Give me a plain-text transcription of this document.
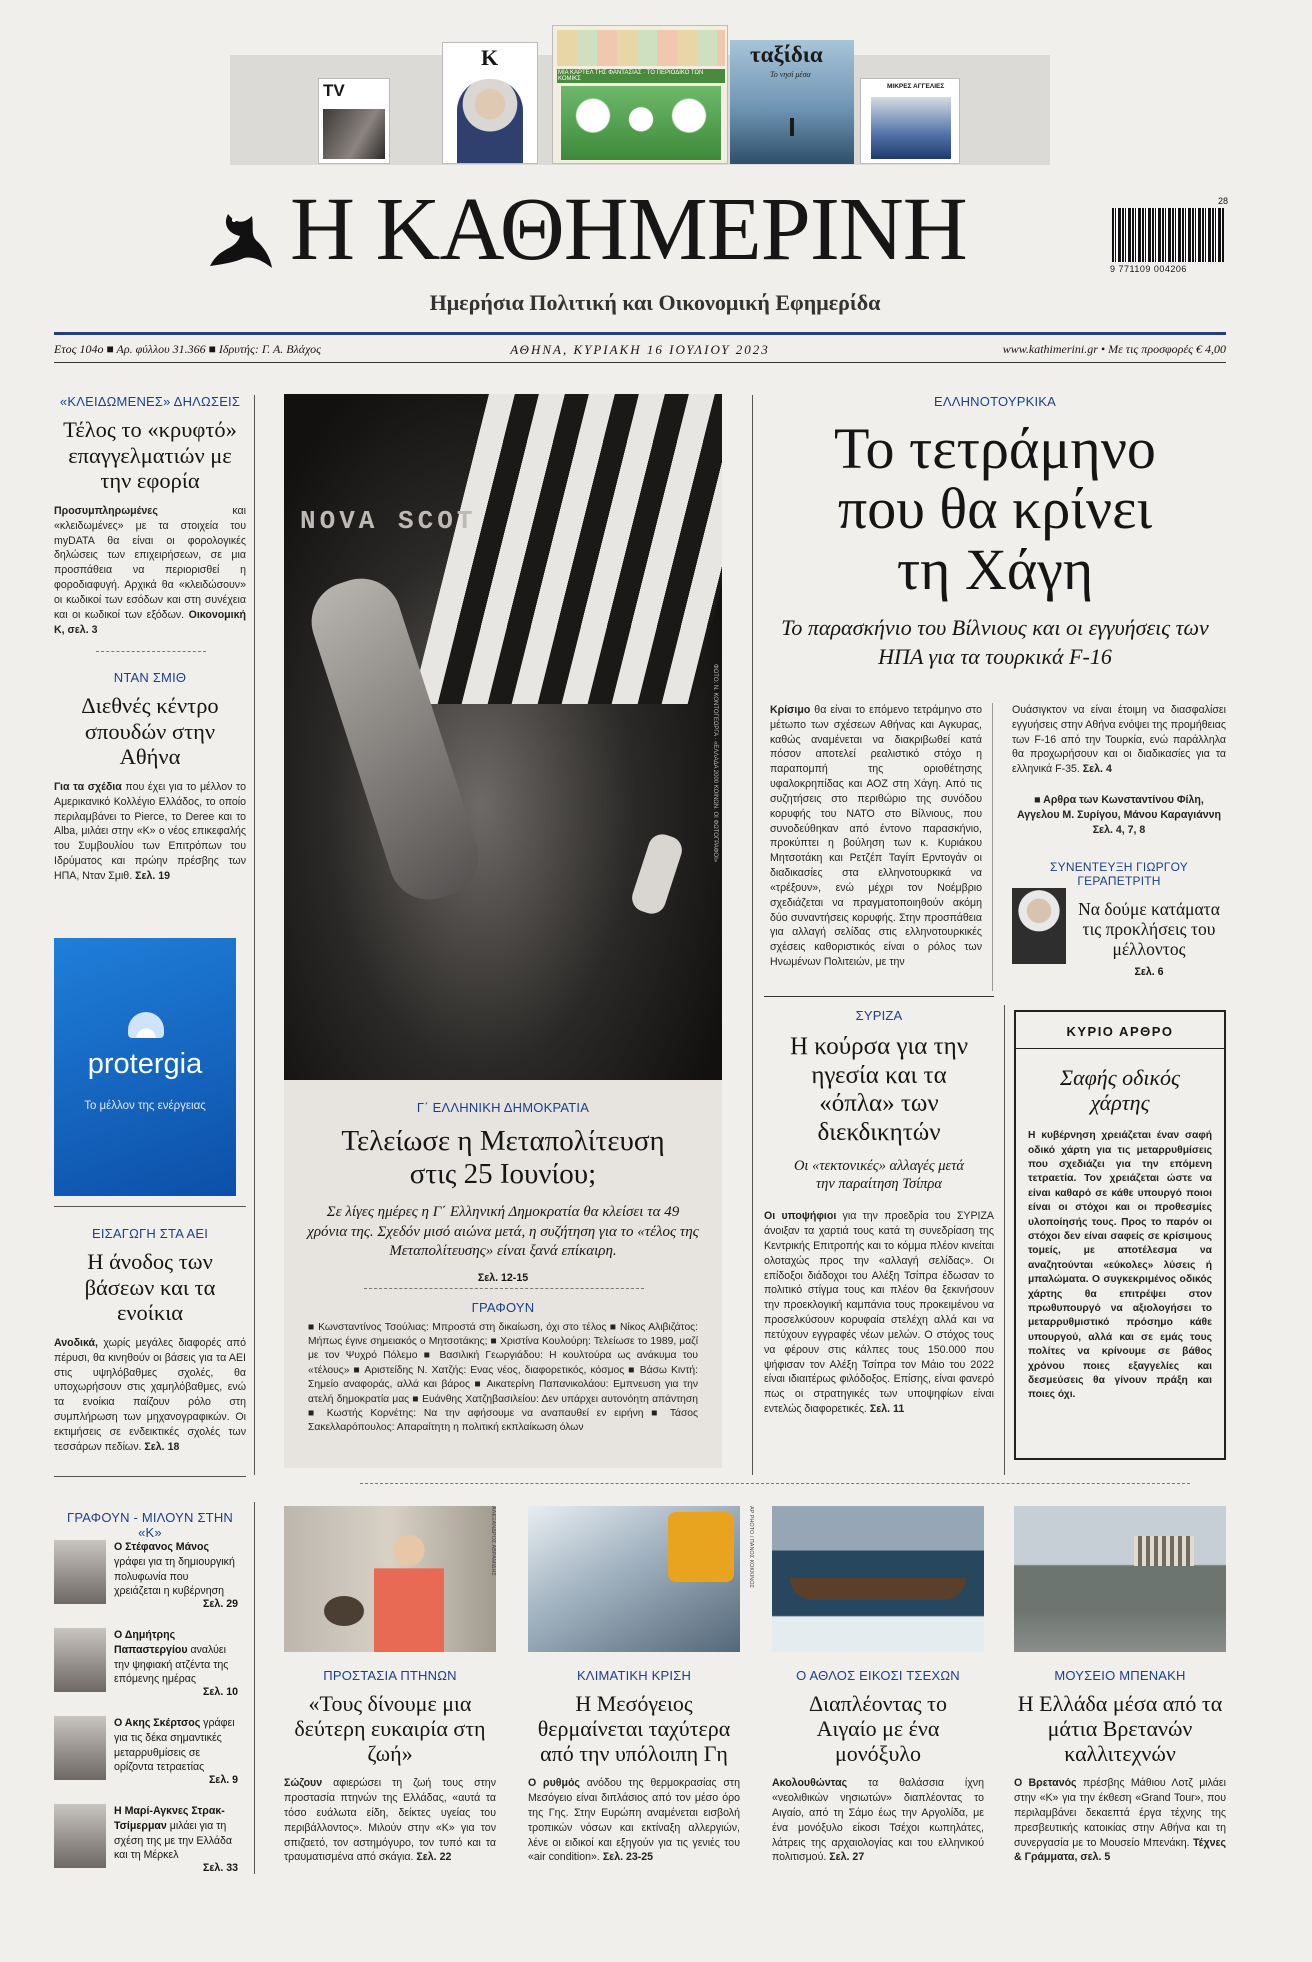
TV
K
ΜΙΑ ΚΑΡΤΕΛ ΤΗΣ ΦΑΝΤΑΣΙΑΣ · ΤΟ ΠΕΡΙΟΔΙΚΟ ΤΩΝ ΚΟΜΙΚΣ
ταξίδια
Το νησί μέσα
ΜΙΚΡΕΣ ΑΓΓΕΛΙΕΣ
Η ΚΑΘΗΜΕΡΙΝΗ
Ημερήσια Πολιτική και Οικονομική Εφημερίδα
28
9 771109 004206
Ετος 104ο ■ Αρ. φύλλου 31.366 ■ Ιδρυτής: Γ. Α. Βλάχος	ΑΘΗΝΑ, ΚΥΡΙΑΚΗ 16 ΙΟΥΛΙΟΥ 2023	www.kathimerini.gr • Με τις προσφορές € 4,00
«ΚΛΕΙΔΩΜΕΝΕΣ» ΔΗΛΩΣΕΙΣ
Τέλος το «κρυφτό» επαγγελματιών με την εφορία
Προσυμπληρωμένες και «κλειδωμένες» με τα στοιχεία του myDATA θα είναι οι φορολογικές δηλώσεις των επιχειρήσεων, σε μια προσπάθεια να περιορισθεί η φοροδιαφυγή. Αρχικά θα «κλειδώσουν» οι κωδικοί των εσόδων και στη συνέχεια και οι κωδικοί των εξόδων. Οικονομική Κ, σελ. 3
ΝΤΑΝ ΣΜΙΘ
Διεθνές κέντρο σπουδών στην Αθήνα
Για τα σχέδια που έχει για το μέλλον το Αμερικανικό Κολλέγιο Ελλάδος, το οποίο περιλαμβάνει το Pierce, το Deree και το Alba, μιλάει στην «Κ» ο νέος επικεφαλής του Συμβουλίου των Επιτρόπων του Ιδρύματος και πρώην πρέσβης των ΗΠΑ, Νταν Σμιθ. Σελ. 19
protergia
Το μέλλον της ενέργειας
ΕΙΣΑΓΩΓΗ ΣΤΑ ΑΕΙ
Η άνοδος των βάσεων και τα ενοίκια
Ανοδικά, χωρίς μεγάλες διαφορές από πέρυσι, θα κινηθούν οι βάσεις για τα ΑΕΙ στις υψηλόβαθμες σχολές, θα υποχωρήσουν στις χαμηλόβαθμες, ενώ τα ενοίκια παίζουν ρόλο στη συμπλήρωση των μηχανογραφικών. Οι εκτιμήσεις σε ενδεικτικές σχολές των τεσσάρων πεδίων. Σελ. 18
ΓΡΑΦΟΥΝ - ΜΙΛΟΥΝ ΣΤΗΝ «Κ»
Ο Στέφανος Μάνος γράφει για τη δημιουργική πολυφωνία που χρειάζεται η κυβέρνηση
Σελ. 29
Ο Δημήτρης Παπαστεργίου αναλύει την ψηφιακή ατζέντα της επόμενης ημέρας
Σελ. 10
Ο Ακης Σκέρτσος γράφει για τις δέκα σημαντικές μεταρρυθμίσεις σε ορίζοντα τετραετίας
Σελ. 9
Η Μαρί-Αγκνες Στρακ-Τσίμερμαν μιλάει για τη σχέση της με την Ελλάδα και τη Μέρκελ
Σελ. 33
NOVA SCOT
ΦΩΤΟ: Ν. ΚΟΝΤΟΓΕΩΡΓΑ · «ΕΛΛΑΔΑ 2000 ΚΟΙΝΩΝ. ΟΙ ΦΩΤΟΓΡΑΦΟΙ»
Γ΄ ΕΛΛΗΝΙΚΗ ΔΗΜΟΚΡΑΤΙΑ
Τελείωσε η Μεταπολίτευση στις 25 Ιουνίου;
Σε λίγες ημέρες η Γ΄ Ελληνική Δημοκρατία θα κλείσει τα 49 χρόνια της. Σχεδόν μισό αιώνα μετά, η συζήτηση για το «τέλος της Μεταπολίτευσης» είναι ξανά επίκαιρη.
Σελ. 12-15
ΓΡΑΦΟΥΝ
■ Κωνσταντίνος Τσούλιας: Μπροστά στη δικαίωση, όχι στο τέλος ■ Νίκος Αλιβιζάτος: Μήπως έγινε σημειακός ο Μητσοτάκης; ■ Χριστίνα Κουλούρη: Τελείωσε το 1989, μαζί με τον Ψυχρό Πόλεμο ■ Βασιλική Γεωργιάδου: Η κουλτούρα ως ανάκυμα του «τέλους» ■ Αριστείδης Ν. Χατζής: Ενας νέος, διαφορετικός, κόσμος ■ Βάσω Κιντή: Σημείο αναφοράς, αλλά και βάρος ■ Αικατερίνη Παπανικολάου: Εμπνευση για την ατελή δημοκρατία μας ■ Ευάνθης Χατζηβασιλείου: Δεν υπάρχει αυτονόητη απάντηση ■ Κωστής Κορνέτης: Να την αφήσουμε να αναπαυθεί εν ειρήνη ■ Τάσος Σακελλαρόπουλος: Απαραίτητη η πολιτική εκπλαίκωση όλων
ΕΛΛΗΝΟΤΟΥΡΚΙΚΑ
Το τετράμηνο που θα κρίνει τη Χάγη
Το παρασκήνιο του Βίλνιους και οι εγγυήσεις των ΗΠΑ για τα τουρκικά F-16
Κρίσιμο θα είναι το επόμενο τετράμηνο στο μέτωπο των σχέσεων Αθήνας και Αγκυρας, καθώς αναμένεται να διακριβωθεί κατά πόσον αποτελεί ρεαλιστικό στόχο η παραπομπή της οριοθέτησης υφαλοκρηπίδας και ΑΟΖ στη Χάγη. Από τις συζητήσεις στο περιθώριο της συνόδου κορυφής του ΝΑΤΟ στο Βίλνιους, που συνοδεύθηκαν από έντονο παρασκήνιο, προκύπτει η βούληση των κ. Κυριάκου Μητσοτάκη και Ρετζέπ Ταγίπ Ερντογάν οι διαδικασίες στα ελληνοτουρκικά να «τρέξουν», ενώ μέχρι τον Νοέμβριο σχεδιάζεται να πραγματοποιηθούν ακόμη δύο συναντήσεις κορυφής. Στην προσπάθεια για αλλαγή σελίδας στις ελληνοτουρκικές σχέσεις καθοριστικός είναι ο ρόλος των Ηνωμένων Πολιτειών, με την
Ουάσιγκτον να είναι έτοιμη να διασφαλίσει εγγυήσεις στην Αθήνα ενόψει της προμήθειας των F-16 από την Τουρκία, ενώ παράλληλα θα προχωρήσουν και οι διαδικασίες για τα ελληνικά F-35. Σελ. 4
■ Αρθρα των Κωνσταντίνου Φίλη, Αγγελου Μ. Συρίγου, Μάνου Καραγιάννη
Σελ. 4, 7, 8
ΣΥΝΕΝΤΕΥΞΗ ΓΙΩΡΓΟΥ ΓΕΡΑΠΕΤΡΙΤΗ
Να δούμε κατάματα τις προκλήσεις του μέλλοντος
Σελ. 6
ΣΥΡΙΖΑ
Η κούρσα για την ηγεσία και τα «όπλα» των διεκδικητών
Οι «τεκτονικές» αλλαγές μετά την παραίτηση Τσίπρα
Οι υποψήφιοι για την προεδρία του ΣΥΡΙΖΑ άνοιξαν τα χαρτιά τους κατά τη συνεδρίαση της Κεντρικής Επιτροπής και το κόμμα πλέον κινείται ολοταχώς προς την «αλλαγή σελίδας». Οι επίδοξοι διάδοχοι του Αλέξη Τσίπρα έδωσαν το πολιτικό στίγμα τους και πλέον θα ξεκινήσουν την προεκλογική καμπάνια τους προκειμένου να προσελκύσουν κορυφαία στελέχη αλλά και να πετύχουν εγγραφές νέων μελών. Ο στόχος τους να φέρουν στις κάλπες τους 150.000 που ψήφισαν τον Αλέξη Τσίπρα τον Μάιο του 2022 είναι ιδιαιτέρως φιλόδοξος. Επίσης, είναι φανερό πως οι στρατηγικές των υποψηφίων είναι εντελώς διαφορετικές. Σελ. 11
ΚΥΡΙΟ ΑΡΘΡΟ
Σαφής οδικός χάρτης
Η κυβέρνηση χρειάζεται έναν σαφή οδικό χάρτη για τις μεταρρυθμίσεις που σχεδιάζει για την επόμενη τετραετία. Τον χρειάζεται ώστε να είναι καθαρό σε κάθε υπουργό ποιοι είναι οι στόχοι και οι προθεσμίες υλοποίησής τους. Προς το παρόν οι στόχοι δεν είναι σαφείς σε κρίσιμους τομείς, με αποτέλεσμα να αναζητούνται «εύκολες» λύσεις ή μπαλώματα. Ο συγκεκριμένος οδικός χάρτης θα επιτρέψει στον πρωθυπουργό να αξιολογήσει το μεταρρυθμιστικό πρόσημο κάθε υπουργού, αλλά και σε εμάς τους πολίτες να κρίνουμε σε βάθος χρόνου ποιες εξαγγελίες και δεσμεύσεις θα γίνουν πράξη και ποιες όχι.
ΠΡΟΣΤΑΣΙΑ ΠΤΗΝΩΝ
«Τους δίνουμε μια δεύτερη ευκαιρία στη ζωή»
Σώζουν αφιερώσει τη ζωή τους στην προστασία πτηνών της Ελλάδας, «αυτά τα τόσο ευάλωτα είδη, δείκτες υγείας του περιβάλλοντος». Μιλούν στην «Κ» για τον σπιζαετό, τον αστημόγυρο, τον τυπό και τα τραυματισμένα από σκάγια. Σελ. 22
ΑΛΕΞΑΝΔΡΟΣ ΑΒΡΑΜΙΔΗΣ
ΚΛΙΜΑΤΙΚΗ ΚΡΙΣΗ
Η Μεσόγειος θερμαίνεται ταχύτερα από την υπόλοιπη Γη
Ο ρυθμός ανόδου της θερμοκρασίας στη Μεσόγειο είναι διπλάσιος από τον μέσο όρο της Γης. Στην Ευρώπη αναμένεται εισβολή τροπικών νόσων και εκτίναξη αλλεργιών, λένε οι ειδικοί και εξηγούν για τις γενιές του «air condition». Σελ. 23-25
AP PHOTO / ΠΑΝΟΣ ΚΟΚΚΙΝΟΣ
Ο ΑΘΛΟΣ ΕΙΚΟΣΙ ΤΣΕΧΩΝ
Διαπλέοντας το Αιγαίο με ένα μονόξυλο
Ακολουθώντας τα θαλάσσια ίχνη «νεολιθικών νησιωτών» διαπλέοντας το Αιγαίο, από τη Σάμο έως την Αργολίδα, με ένα μονόξυλο είκοσι Τσέχοι κωπηλάτες, λάτρεις της αρχαιολογίας και του ελληνικού πολιτισμού. Σελ. 27
ΜΟΥΣΕΙΟ ΜΠΕΝΑΚΗ
Η Ελλάδα μέσα από τα μάτια Βρετανών καλλιτεχνών
Ο Βρετανός πρέσβης Μάθιου Λοτζ μιλάει στην «Κ» για την έκθεση «Grand Tour», που περιλαμβάνει δεκαεπτά έργα τέχνης της πρεσβευτικής κατοικίας στην Αθήνα και τη συνεργασία με το Μουσείο Μπενάκη. Τέχνες & Γράμματα, σελ. 5
